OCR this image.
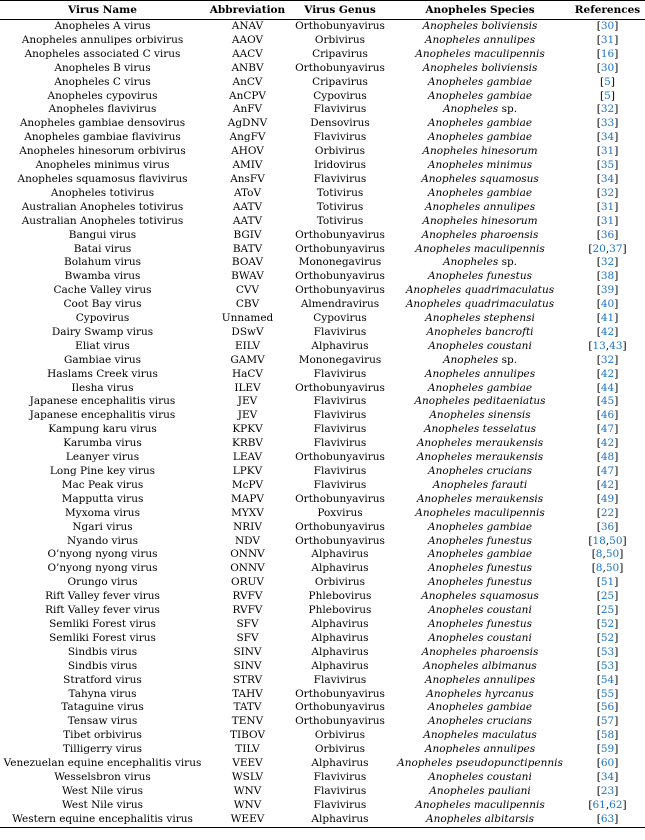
Virus Name	Abbreviation	Virus Genus	Anopheles Species	References
Anopheles A virus	ANAV	Orthobunyavirus	Anopheles boliviensis	[30]
Anopheles annulipes orbivirus	AAOV	Orbivirus	Anopheles annulipes	[31]
Anopheles associated C virus	AACV	Cripavirus	Anopheles maculipennis	[16]
Anopheles B virus	ANBV	Orthobunyavirus	Anopheles boliviensis	[30]
Anopheles C virus	AnCV	Cripavirus	Anopheles gambiae	[5]
Anopheles cypovirus	AnCPV	Cypovirus	Anopheles gambiae	[5]
Anopheles flavivirus	AnFV	Flavivirus	Anopheles sp.	[32]
Anopheles gambiae densovirus	AgDNV	Densovirus	Anopheles gambiae	[33]
Anopheles gambiae flavivirus	AngFV	Flavivirus	Anopheles gambiae	[34]
Anopheles hinesorum orbivirus	AHOV	Orbivirus	Anopheles hinesorum	[31]
Anopheles minimus virus	AMIV	Iridovirus	Anopheles minimus	[35]
Anopheles squamosus flavivirus	AnsFV	Flavivirus	Anopheles squamosus	[34]
Anopheles totivirus	AToV	Totivirus	Anopheles gambiae	[32]
Australian Anopheles totivirus	AATV	Totivirus	Anopheles annulipes	[31]
Australian Anopheles totivirus	AATV	Totivirus	Anopheles hinesorum	[31]
Bangui virus	BGIV	Orthobunyavirus	Anopheles pharoensis	[36]
Batai virus	BATV	Orthobunyavirus	Anopheles maculipennis	[20,37]
Bolahum virus	BOAV	Mononegavirus	Anopheles sp.	[32]
Bwamba virus	BWAV	Orthobunyavirus	Anopheles funestus	[38]
Cache Valley virus	CVV	Orthobunyavirus	Anopheles quadrimaculatus	[39]
Coot Bay virus	CBV	Almendravirus	Anopheles quadrimaculatus	[40]
Cypovirus	Unnamed	Cypovirus	Anopheles stephensi	[41]
Dairy Swamp virus	DSwV	Flavivirus	Anopheles bancrofti	[42]
Eliat virus	EILV	Alphavirus	Anopheles coustani	[13,43]
Gambiae virus	GAMV	Mononegavirus	Anopheles sp.	[32]
Haslams Creek virus	HaCV	Flavivirus	Anopheles annulipes	[42]
Ilesha virus	ILEV	Orthobunyavirus	Anopheles gambiae	[44]
Japanese encephalitis virus	JEV	Flavivirus	Anopheles peditaeniatus	[45]
Japanese encephalitis virus	JEV	Flavivirus	Anopheles sinensis	[46]
Kampung karu virus	KPKV	Flavivirus	Anopheles tesselatus	[47]
Karumba virus	KRBV	Flavivirus	Anopheles meraukensis	[42]
Leanyer virus	LEAV	Orthobunyavirus	Anopheles meraukensis	[48]
Long Pine key virus	LPKV	Flavivirus	Anopheles crucians	[47]
Mac Peak virus	McPV	Flavivirus	Anopheles farauti	[42]
Mapputta virus	MAPV	Orthobunyavirus	Anopheles meraukensis	[49]
Myxoma virus	MYXV	Poxvirus	Anopheles maculipennis	[22]
Ngari virus	NRIV	Orthobunyavirus	Anopheles gambiae	[36]
Nyando virus	NDV	Orthobunyavirus	Anopheles funestus	[18,50]
O’nyong nyong virus	ONNV	Alphavirus	Anopheles gambiae	[8,50]
O’nyong nyong virus	ONNV	Alphavirus	Anopheles funestus	[8,50]
Orungo virus	ORUV	Orbivirus	Anopheles funestus	[51]
Rift Valley fever virus	RVFV	Phlebovirus	Anopheles squamosus	[25]
Rift Valley fever virus	RVFV	Phlebovirus	Anopheles coustani	[25]
Semliki Forest virus	SFV	Alphavirus	Anopheles funestus	[52]
Semliki Forest virus	SFV	Alphavirus	Anopheles coustani	[52]
Sindbis virus	SINV	Alphavirus	Anopheles pharoensis	[53]
Sindbis virus	SINV	Alphavirus	Anopheles albimanus	[53]
Stratford virus	STRV	Flavivirus	Anopheles annulipes	[54]
Tahyna virus	TAHV	Orthobunyavirus	Anopheles hyrcanus	[55]
Tataguine virus	TATV	Orthobunyavirus	Anopheles gambiae	[56]
Tensaw virus	TENV	Orthobunyavirus	Anopheles crucians	[57]
Tibet orbivirus	TIBOV	Orbivirus	Anopheles maculatus	[58]
Tilligerry virus	TILV	Orbivirus	Anopheles annulipes	[59]
Venezuelan equine encephalitis virus	VEEV	Alphavirus	Anopheles pseudopunctipennis	[60]
Wesselsbron virus	WSLV	Flavivirus	Anopheles coustani	[34]
West Nile virus	WNV	Flavivirus	Anopheles pauliani	[23]
West Nile virus	WNV	Flavivirus	Anopheles maculipennis	[61,62]
Western equine encephalitis virus	WEEV	Alphavirus	Anopheles albitarsis	[63]
